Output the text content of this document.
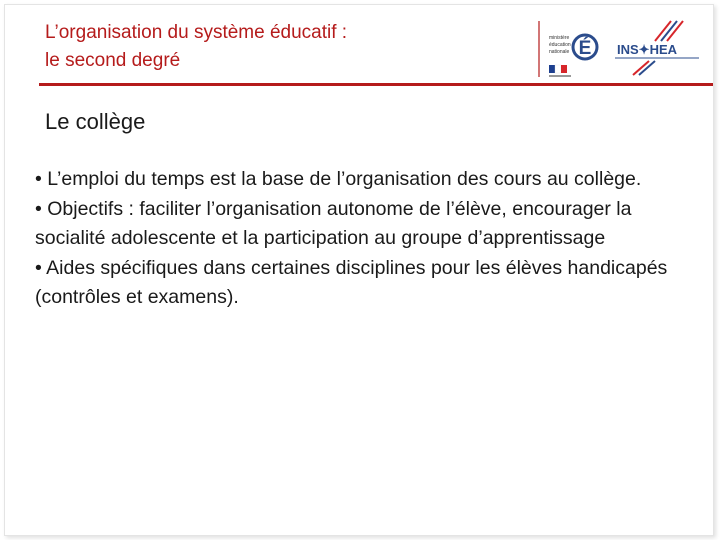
L’organisation du système éducatif :
le second degré
ministère
éducation
nationale É INS✦HEA
Le collège

• L’emploi du temps est la base de l’organisation des cours au collège.

• Objectifs : faciliter l’organisation autonome de l’élève, encourager la socialité adolescente et la participation au groupe d’apprentissage

• Aides spécifiques dans certaines disciplines pour les élèves handicapés (contrôles et examens).
